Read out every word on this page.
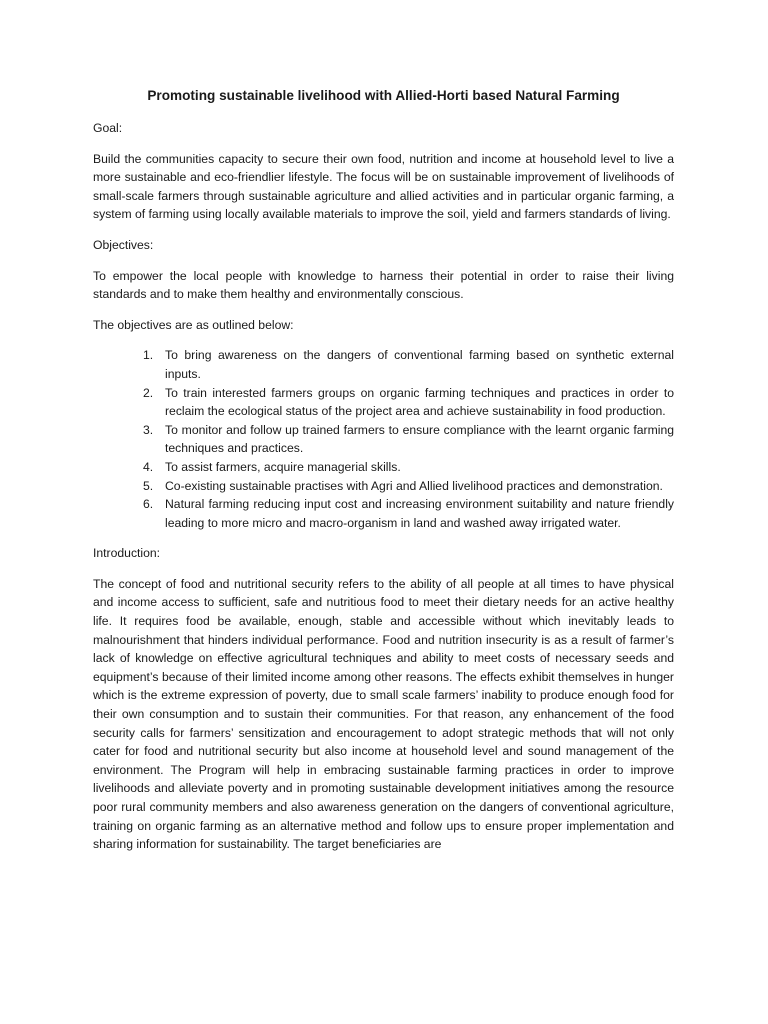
Promoting sustainable livelihood with Allied-Horti based Natural Farming

Goal:

Build the communities capacity to secure their own food, nutrition and income at household level to live a more sustainable and eco-friendlier lifestyle. The focus will be on sustainable improvement of livelihoods of small-scale farmers through sustainable agriculture and allied activities and in particular organic farming, a system of farming using locally available materials to improve the soil, yield and farmers standards of living.

Objectives:

To empower the local people with knowledge to harness their potential in order to raise their living standards and to make them healthy and environmentally conscious.

The objectives are as outlined below:

1. To bring awareness on the dangers of conventional farming based on synthetic external inputs.
2. To train interested farmers groups on organic farming techniques and practices in order to reclaim the ecological status of the project area and achieve sustainability in food production.
3. To monitor and follow up trained farmers to ensure compliance with the learnt organic farming techniques and practices.
4. To assist farmers, acquire managerial skills.
5. Co-existing sustainable practises with Agri and Allied livelihood practices and demonstration.
6. Natural farming reducing input cost and increasing environment suitability and nature friendly leading to more micro and macro-organism in land and washed away irrigated water.

Introduction:

The concept of food and nutritional security refers to the ability of all people at all times to have physical and income access to sufficient, safe and nutritious food to meet their dietary needs for an active healthy life. It requires food be available, enough, stable and accessible without which inevitably leads to malnourishment that hinders individual performance. Food and nutrition insecurity is as a result of farmer’s lack of knowledge on effective agricultural techniques and ability to meet costs of necessary seeds and equipment’s because of their limited income among other reasons. The effects exhibit themselves in hunger which is the extreme expression of poverty, due to small scale farmers’ inability to produce enough food for their own consumption and to sustain their communities. For that reason, any enhancement of the food security calls for farmers’ sensitization and encouragement to adopt strategic methods that will not only cater for food and nutritional security but also income at household level and sound management of the environment. The Program will help in embracing sustainable farming practices in order to improve livelihoods and alleviate poverty and in promoting sustainable development initiatives among the resource poor rural community members and also awareness generation on the dangers of conventional agriculture, training on organic farming as an alternative method and follow ups to ensure proper implementation and sharing information for sustainability. The target beneficiaries are
